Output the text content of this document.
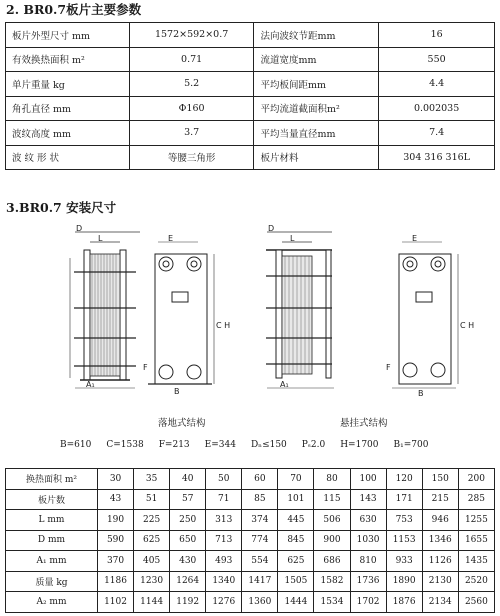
2. BR0.7板片主要参数
板片外型尺寸 mm	1572×592×0.7	法向波纹节距mm	16
有效换热面积 m²	0.71	流道宽度mm	550
单片重量 kg	5.2	平均板间距mm	4.4
角孔直径 mm	Φ160	平均流道截面积m²	0.002035
波纹高度 mm	3.7	平均当量直径mm	7.4
波 纹 形 状	等腰三角形	板片材料	304 316 316L
3.BR0.7 安装尺寸
D
L
A₁
E
C H
F
B
D
L
A₁
E
C H
F
B
落地式结构	悬挂式结构
B=610 C=1538 F=213 E=344 Dₙ≤150 Pₛ2.0 H=1700 B₁=700
换热面积 m²	30	35	40	50	60	70	80	100	120	150	200
板片数	43	51	57	71	85	101	115	143	171	215	285
L mm	190	225	250	313	374	445	506	630	753	946	1255
D mm	590	625	650	713	774	845	900	1030	1153	1346	1655
A₁ mm	370	405	430	493	554	625	686	810	933	1126	1435
质量 kg	1186	1230	1264	1340	1417	1505	1582	1736	1890	2130	2520
A₂ mm	1102	1144	1192	1276	1360	1444	1534	1702	1876	2134	2560
